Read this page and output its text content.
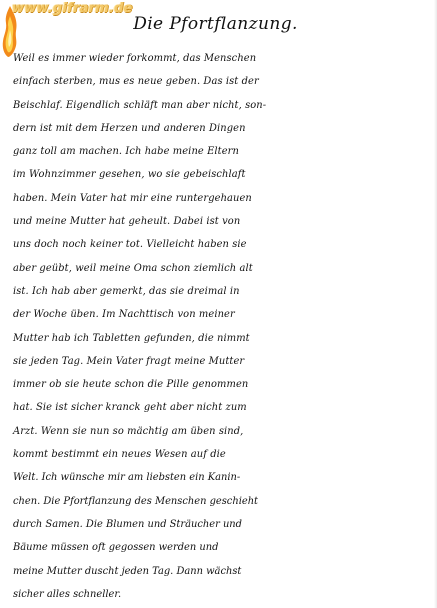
www.gifrarm.de
Die Pfortflanzung.
Weil es immer wieder forkommt, das Menschen
einfach sterben, mus es neue geben. Das ist der
Beischlaf. Eigendlich schläft man aber nicht, son-
dern ist mit dem Herzen und anderen Dingen
ganz toll am machen. Ich habe meine Eltern
im Wohnzimmer gesehen, wo sie gebeischlaft
haben. Mein Vater hat mir eine runtergehauen
und meine Mutter hat geheult. Dabei ist von
uns doch noch keiner tot. Vielleicht haben sie
aber geübt, weil meine Oma schon ziemlich alt
ist. Ich hab aber gemerkt, das sie dreimal in
der Woche üben. Im Nachttisch von meiner
Mutter hab ich Tabletten gefunden, die nimmt
sie jeden Tag. Mein Vater fragt meine Mutter
immer ob sie heute schon die Pille genommen
hat. Sie ist sicher kranck geht aber nicht zum
Arzt. Wenn sie nun so mächtig am üben sind,
kommt bestimmt ein neues Wesen auf die
Welt. Ich wünsche mir am liebsten ein Kanin-
chen. Die Pfortflanzung des Menschen geschieht
durch Samen. Die Blumen und Sträucher und
Bäume müssen oft gegossen werden und
meine Mutter duscht jeden Tag. Dann wächst
sicher alles schneller.
